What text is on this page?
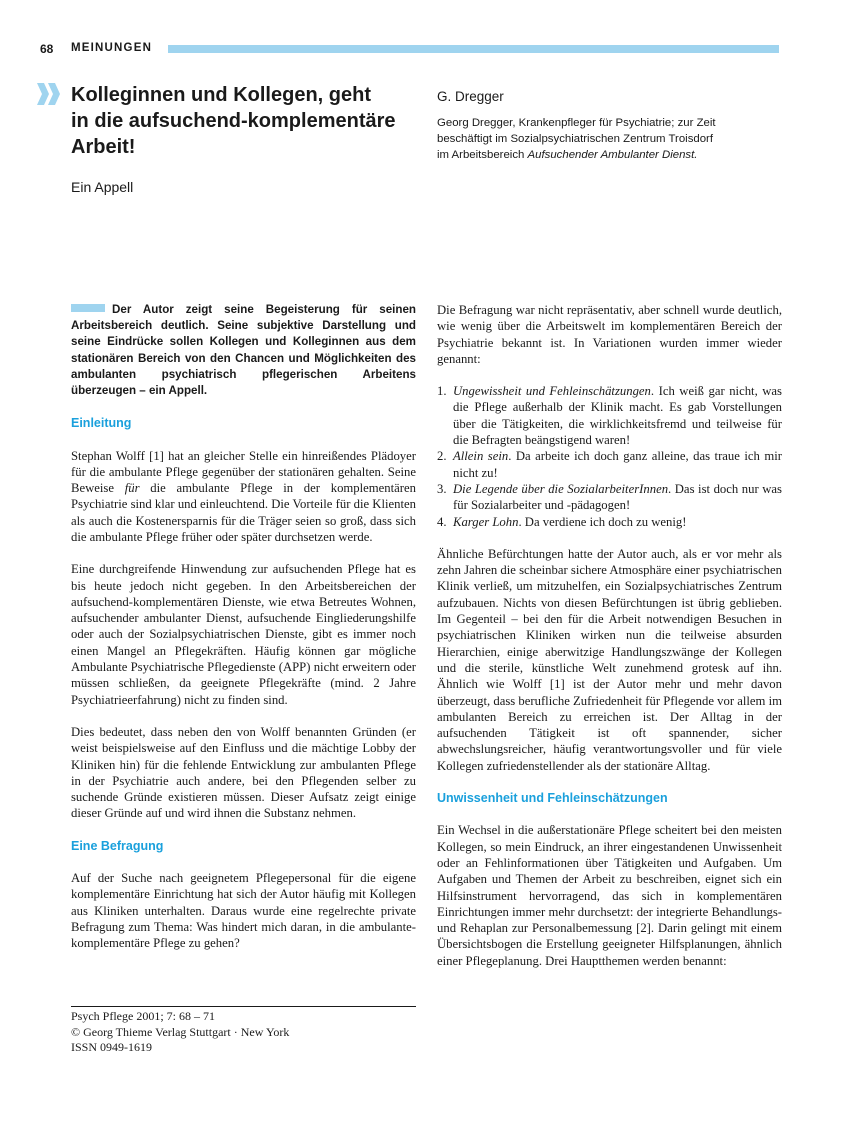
68 MEINUNGEN
Kolleginnen und Kollegen, geht
in die aufsuchend-komplementäre
Arbeit!
Ein Appell
G. Dregger
Georg Dregger, Krankenpfleger für Psychiatrie; zur Zeit
beschäftigt im Sozialpsychiatrischen Zentrum Troisdorf
im Arbeitsbereich Aufsuchender Ambulanter Dienst.

Der Autor zeigt seine Begeisterung für seinen Arbeitsbereich deutlich. Seine subjektive Darstellung und seine Eindrücke sollen Kollegen und Kolleginnen aus dem stationären Bereich von den Chancen und Möglichkeiten des ambulanten psychiatrisch pflegerischen Arbeitens überzeugen – ein Appell.

Einleitung

Stephan Wolff [1] hat an gleicher Stelle ein hinreißendes Plädoyer für die ambulante Pflege gegenüber der stationären gehalten. Seine Beweise für die ambulante Pflege in der komplementären Psychiatrie sind klar und einleuchtend. Die Vorteile für die Klienten als auch die Kostenersparnis für die Träger seien so groß, dass sich die ambulante Pflege früher oder später durchsetzen werde.

Eine durchgreifende Hinwendung zur aufsuchenden Pflege hat es bis heute jedoch nicht gegeben. In den Arbeitsbereichen der aufsuchend-komplementären Dienste, wie etwa Betreutes Wohnen, aufsuchender ambulanter Dienst, aufsuchende Eingliederungshilfe oder auch der Sozialpsychiatrischen Dienste, gibt es immer noch einen Mangel an Pflegekräften. Häufig können gar mögliche Ambulante Psychiatrische Pflegedienste (APP) nicht erweitern oder müssen schließen, da geeignete Pflegekräfte (mind. 2 Jahre Psychiatrieerfahrung) nicht zu finden sind.

Dies bedeutet, dass neben den von Wolff benannten Gründen (er weist beispielsweise auf den Einfluss und die mächtige Lobby der Kliniken hin) für die fehlende Entwicklung zur ambulanten Pflege in der Psychiatrie auch andere, bei den Pflegenden selber zu suchende Gründe existieren müssen. Dieser Aufsatz zeigt einige dieser Gründe auf und wird ihnen die Substanz nehmen.

Eine Befragung

Auf der Suche nach geeignetem Pflegepersonal für die eigene komplementäre Einrichtung hat sich der Autor häufig mit Kollegen aus Kliniken unterhalten. Daraus wurde eine regelrechte private Befragung zum Thema: Was hindert mich daran, in die ambulante-komplementäre Pflege zu gehen?

Die Befragung war nicht repräsentativ, aber schnell wurde deutlich, wie wenig über die Arbeitswelt im komplementären Bereich der Psychiatrie bekannt ist. In Variationen wurden immer wieder genannt:

1. Ungewissheit und Fehleinschätzungen. Ich weiß gar nicht, was die Pflege außerhalb der Klinik macht. Es gab Vorstellungen über die Tätigkeiten, die wirklichkeitsfremd und teilweise für die Befragten beängstigend waren!
2. Allein sein. Da arbeite ich doch ganz alleine, das traue ich mir nicht zu!
3. Die Legende über die SozialarbeiterInnen. Das ist doch nur was für Sozialarbeiter und -pädagogen!
4. Karger Lohn. Da verdiene ich doch zu wenig!

Ähnliche Befürchtungen hatte der Autor auch, als er vor mehr als zehn Jahren die scheinbar sichere Atmosphäre einer psychiatrischen Klinik verließ, um mitzuhelfen, ein Sozialpsychiatrisches Zentrum aufzubauen. Nichts von diesen Befürchtungen ist übrig geblieben. Im Gegenteil – bei den für die Arbeit notwendigen Besuchen in psychiatrischen Kliniken wirken nun die teilweise absurden Hierarchien, einige aberwitzige Handlungszwänge der Kollegen und die sterile, künstliche Welt zunehmend grotesk auf ihn. Ähnlich wie Wolff [1] ist der Autor mehr und mehr davon überzeugt, dass berufliche Zufriedenheit für Pflegende vor allem im ambulanten Bereich zu erreichen ist. Der Alltag in der aufsuchenden Tätigkeit ist oft spannender, sicher abwechslungsreicher, häufig verantwortungsvoller und für viele Kollegen zufriedenstellender als der stationäre Alltag.

Unwissenheit und Fehleinschätzungen

Ein Wechsel in die außerstationäre Pflege scheitert bei den meisten Kollegen, so mein Eindruck, an ihrer eingestandenen Unwissenheit oder an Fehlinformationen über Tätigkeiten und Aufgaben. Um Aufgaben und Themen der Arbeit zu beschreiben, eignet sich ein Hilfsinstrument hervorragend, das sich in komplementären Einrichtungen immer mehr durchsetzt: der integrierte Behandlungs- und Rehaplan zur Personalbemessung [2]. Darin gelingt mit einem Übersichtsbogen die Erstellung geeigneter Hilfsplanungen, ähnlich einer Pflegeplanung. Drei Hauptthemen werden benannt:

Psych Pflege 2001; 7: 68 – 71
© Georg Thieme Verlag Stuttgart · New York
ISSN 0949-1619
